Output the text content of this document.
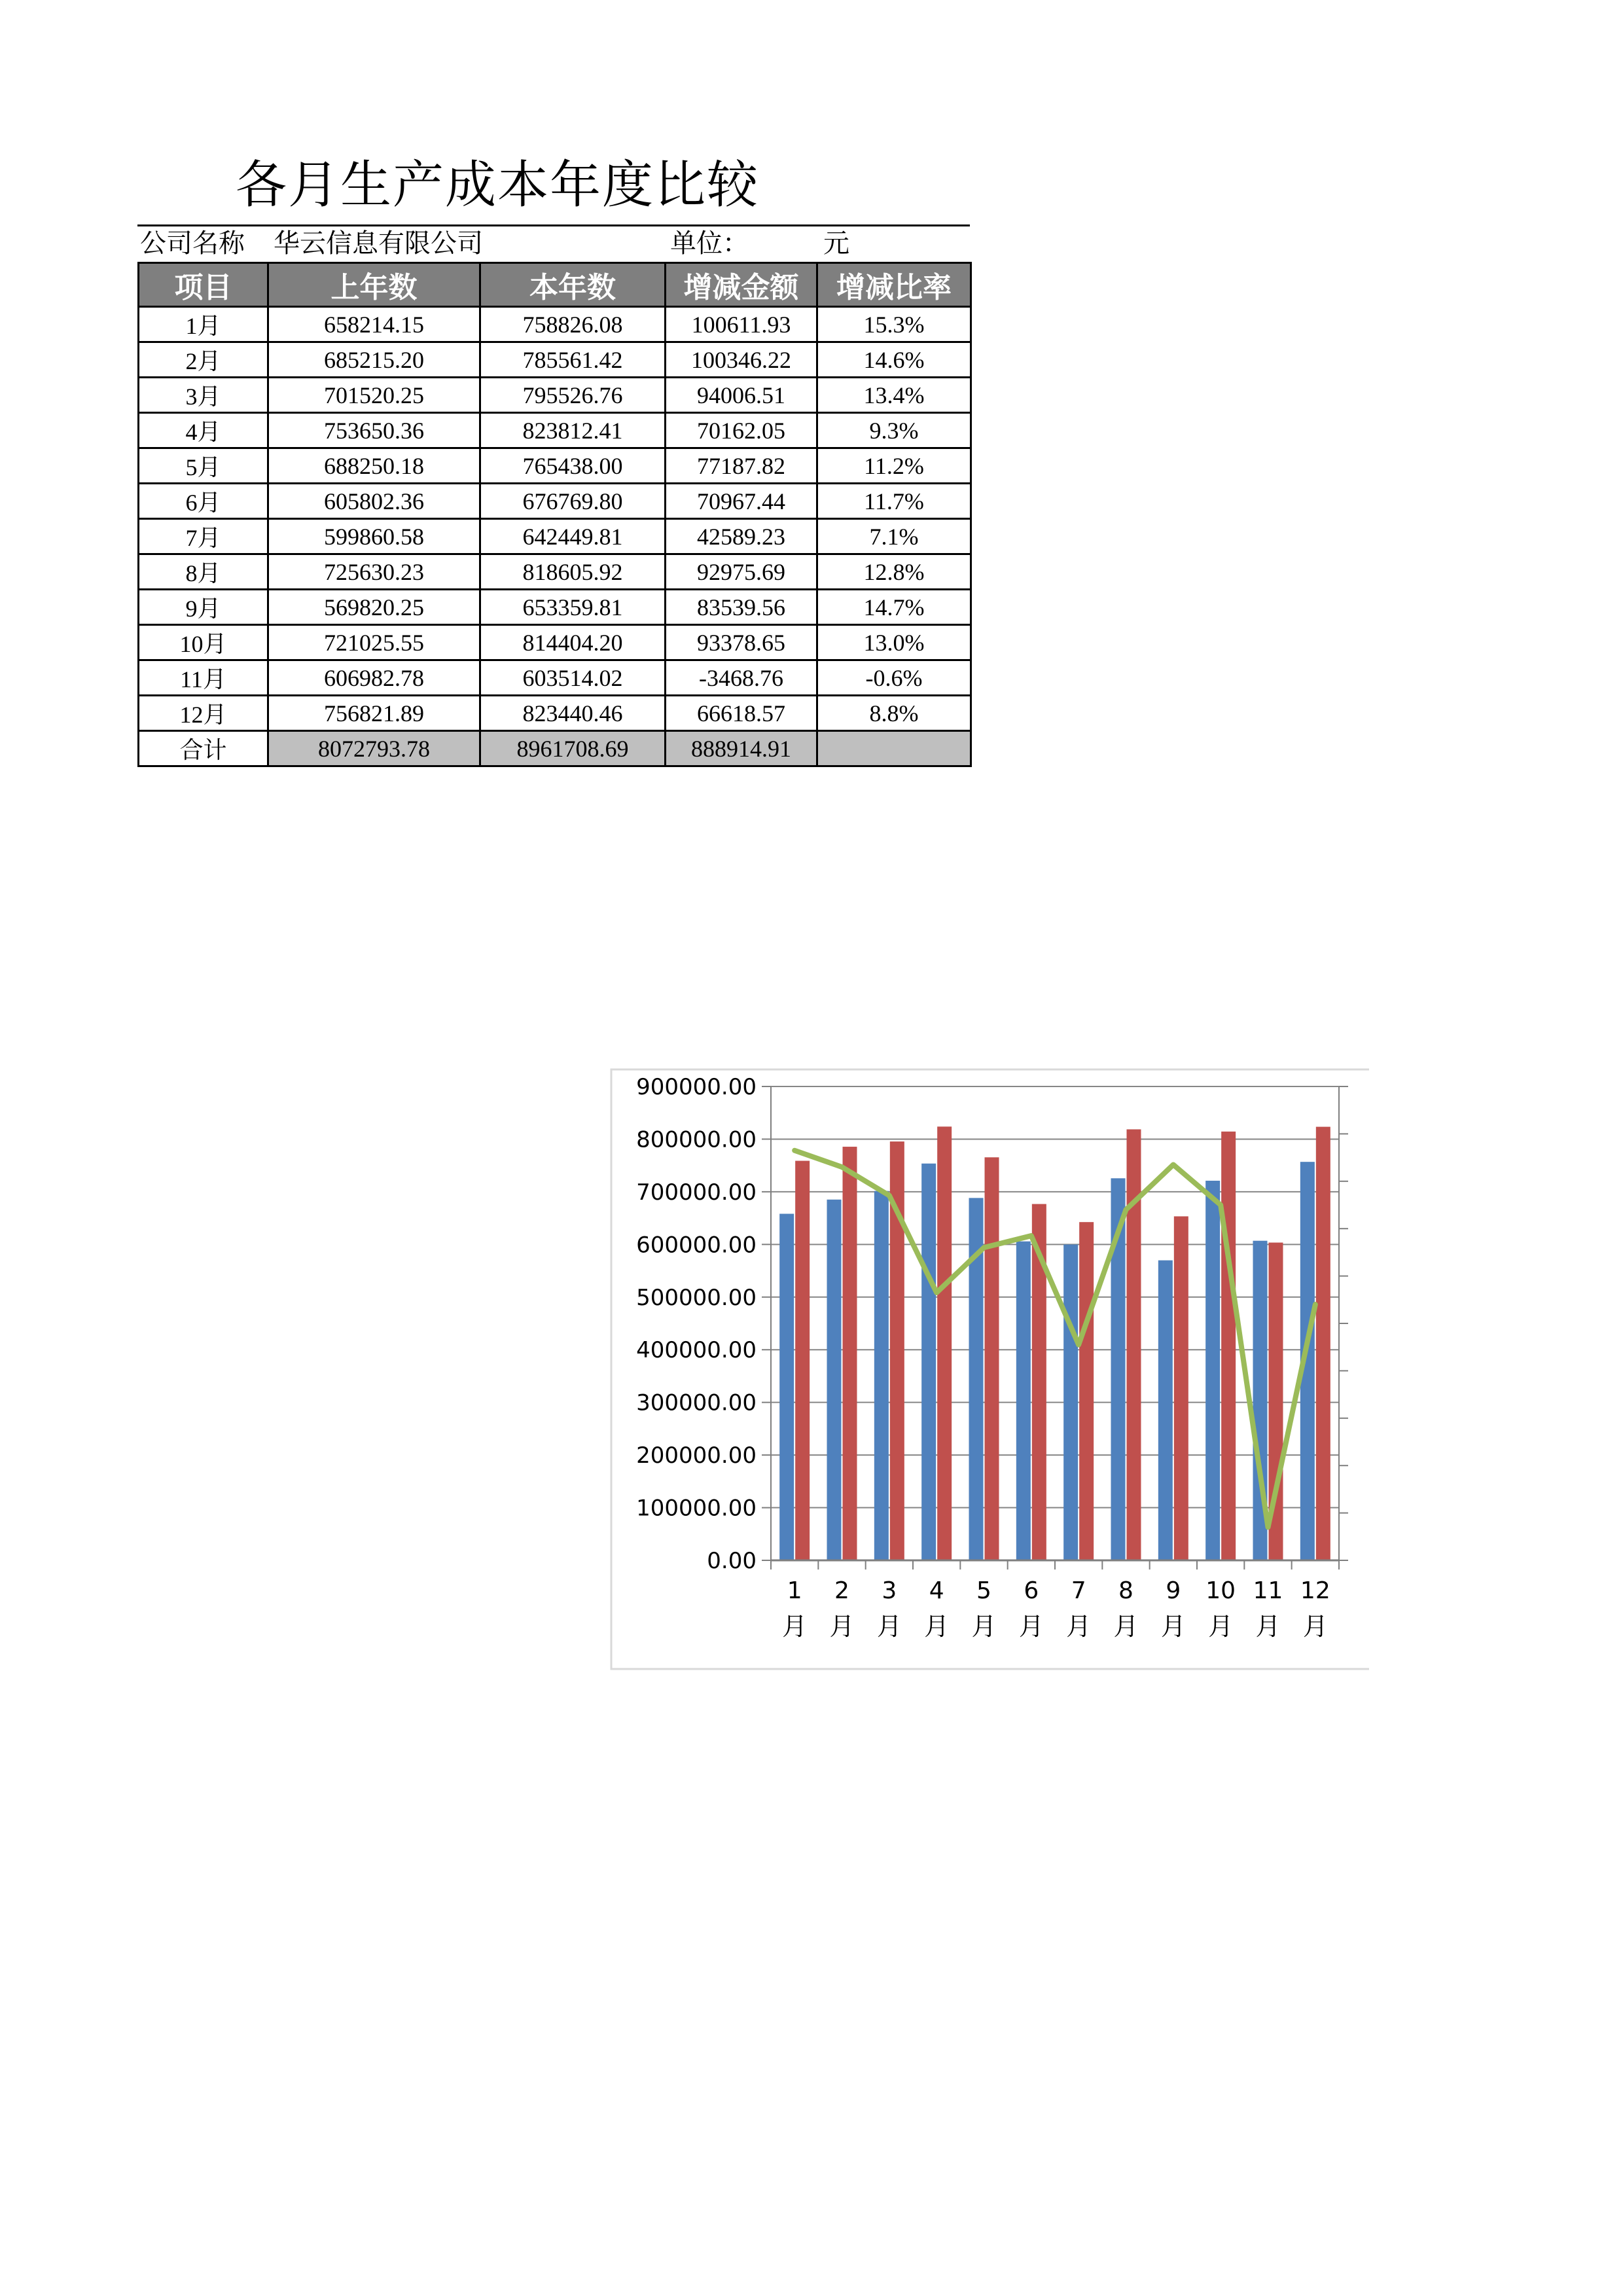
各月生产成本年度比较
公司名称 华云信息有限公司	单位：	元
项目	上年数	本年数	增减金额	增减比率
1月	658214.15	758826.08	100611.93	15.3%
2月	685215.20	785561.42	100346.22	14.6%
3月	701520.25	795526.76	94006.51	13.4%
4月	753650.36	823812.41	70162.05	9.3%
5月	688250.18	765438.00	77187.82	11.2%
6月	605802.36	676769.80	70967.44	11.7%
7月	599860.58	642449.81	42589.23	7.1%
8月	725630.23	818605.92	92975.69	12.8%
9月	569820.25	653359.81	83539.56	14.7%
10月	721025.55	814404.20	93378.65	13.0%
11月	606982.78	603514.02	-3468.76	-0.6%
12月	756821.89	823440.46	66618.57	8.8%
合计	8072793.78	8961708.69	888914.91	
0.00
100000.00
200000.00
300000.00
400000.00
500000.00
600000.00
700000.00
800000.00
900000.00
1
月
2
月
3
月
4
月
5
月
6
月
7
月
8
月
9
月
10
月
11
月
12
月
